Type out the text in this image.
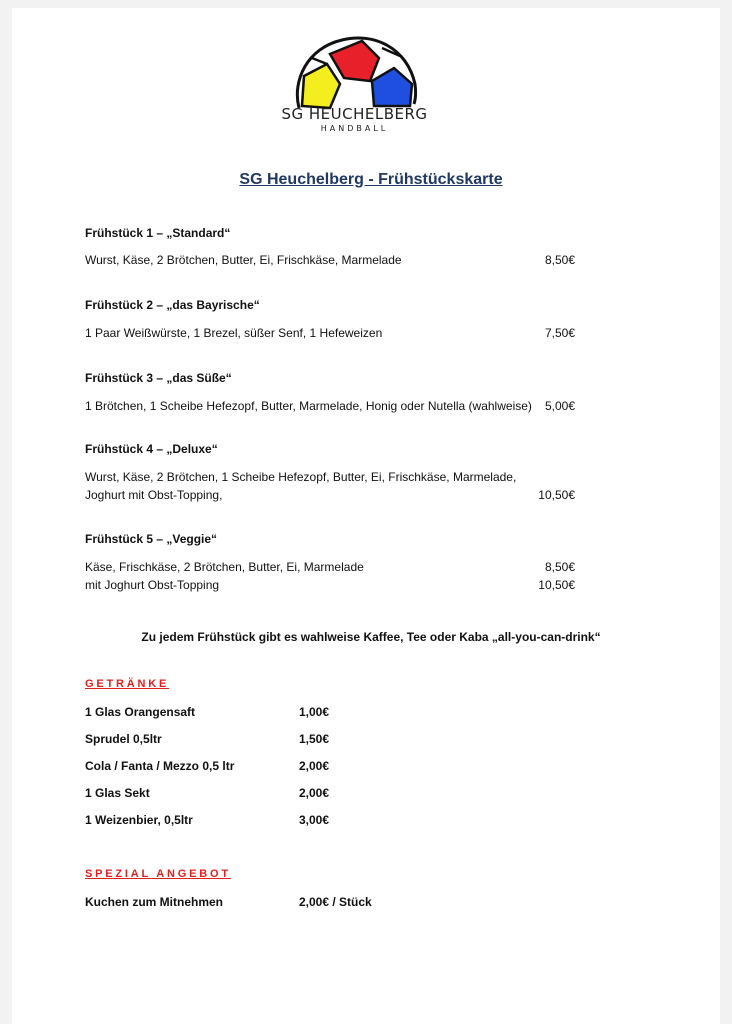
SG HEUCHELBERG
HANDBALL
SG Heuchelberg - Frühstückskarte
Frühstück 1 – „Standard“
Wurst, Käse, 2 Brötchen, Butter, Ei, Frischkäse, Marmelade	8,50€
Frühstück 2 – „das Bayrische“
1 Paar Weißwürste, 1 Brezel, süßer Senf, 1 Hefeweizen	7,50€
Frühstück 3 – „das Süße“
1 Brötchen, 1 Scheibe Hefezopf, Butter, Marmelade, Honig oder Nutella (wahlweise) 5,00€
Frühstück 4 – „Deluxe“
Wurst, Käse, 2 Brötchen, 1 Scheibe Hefezopf, Butter, Ei, Frischkäse, Marmelade,
Joghurt mit Obst-Topping,	10,50€
Frühstück 5 – „Veggie“
Käse, Frischkäse, 2 Brötchen, Butter, Ei, Marmelade	8,50€
mit Joghurt Obst-Topping	10,50€
Zu jedem Frühstück gibt es wahlweise Kaffee, Tee oder Kaba „all-you-can-drink“
GETRÄNKE
1 Glas Orangensaft	1,00€
Sprudel 0,5ltr	1,50€
Cola / Fanta / Mezzo 0,5 ltr	2,00€
1 Glas Sekt	2,00€
1 Weizenbier, 0,5ltr	3,00€
SPEZIAL ANGEBOT
Kuchen zum Mitnehmen	2,00€ / Stück
